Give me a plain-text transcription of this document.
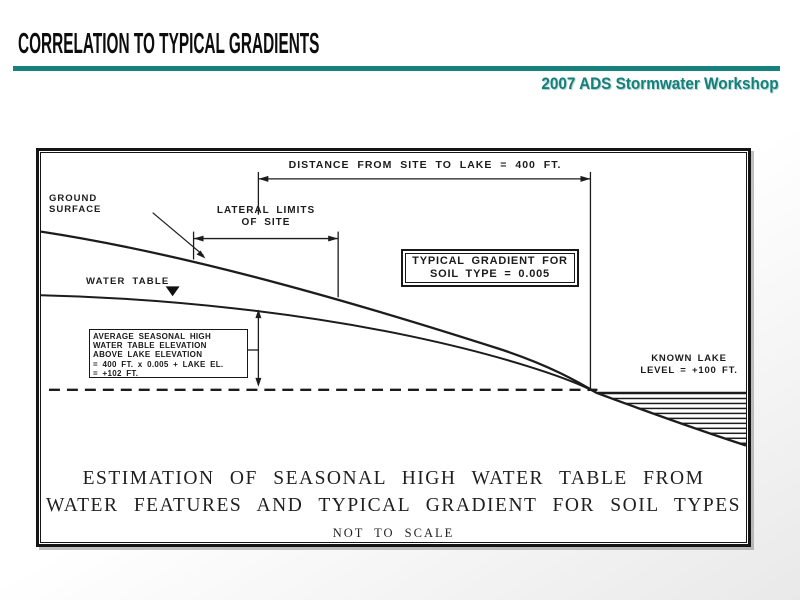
CORRELATION TO TYPICAL GRADIENTS
2007 ADS Stormwater Workshop
DISTANCE FROM SITE TO LAKE = 400 FT.
LATERAL LIMITS
OF SITE
GROUND
SURFACE
WATER TABLE
TYPICAL GRADIENT FOR
SOIL TYPE = 0.005
AVERAGE SEASONAL HIGH
WATER TABLE ELEVATION
ABOVE LAKE ELEVATION
= 400 FT. x 0.005 + LAKE EL.
= +102 FT.
KNOWN LAKE
LEVEL = +100 FT.
ESTIMATION OF SEASONAL HIGH WATER TABLE FROM
WATER FEATURES AND TYPICAL GRADIENT FOR SOIL TYPES
NOT TO SCALE
